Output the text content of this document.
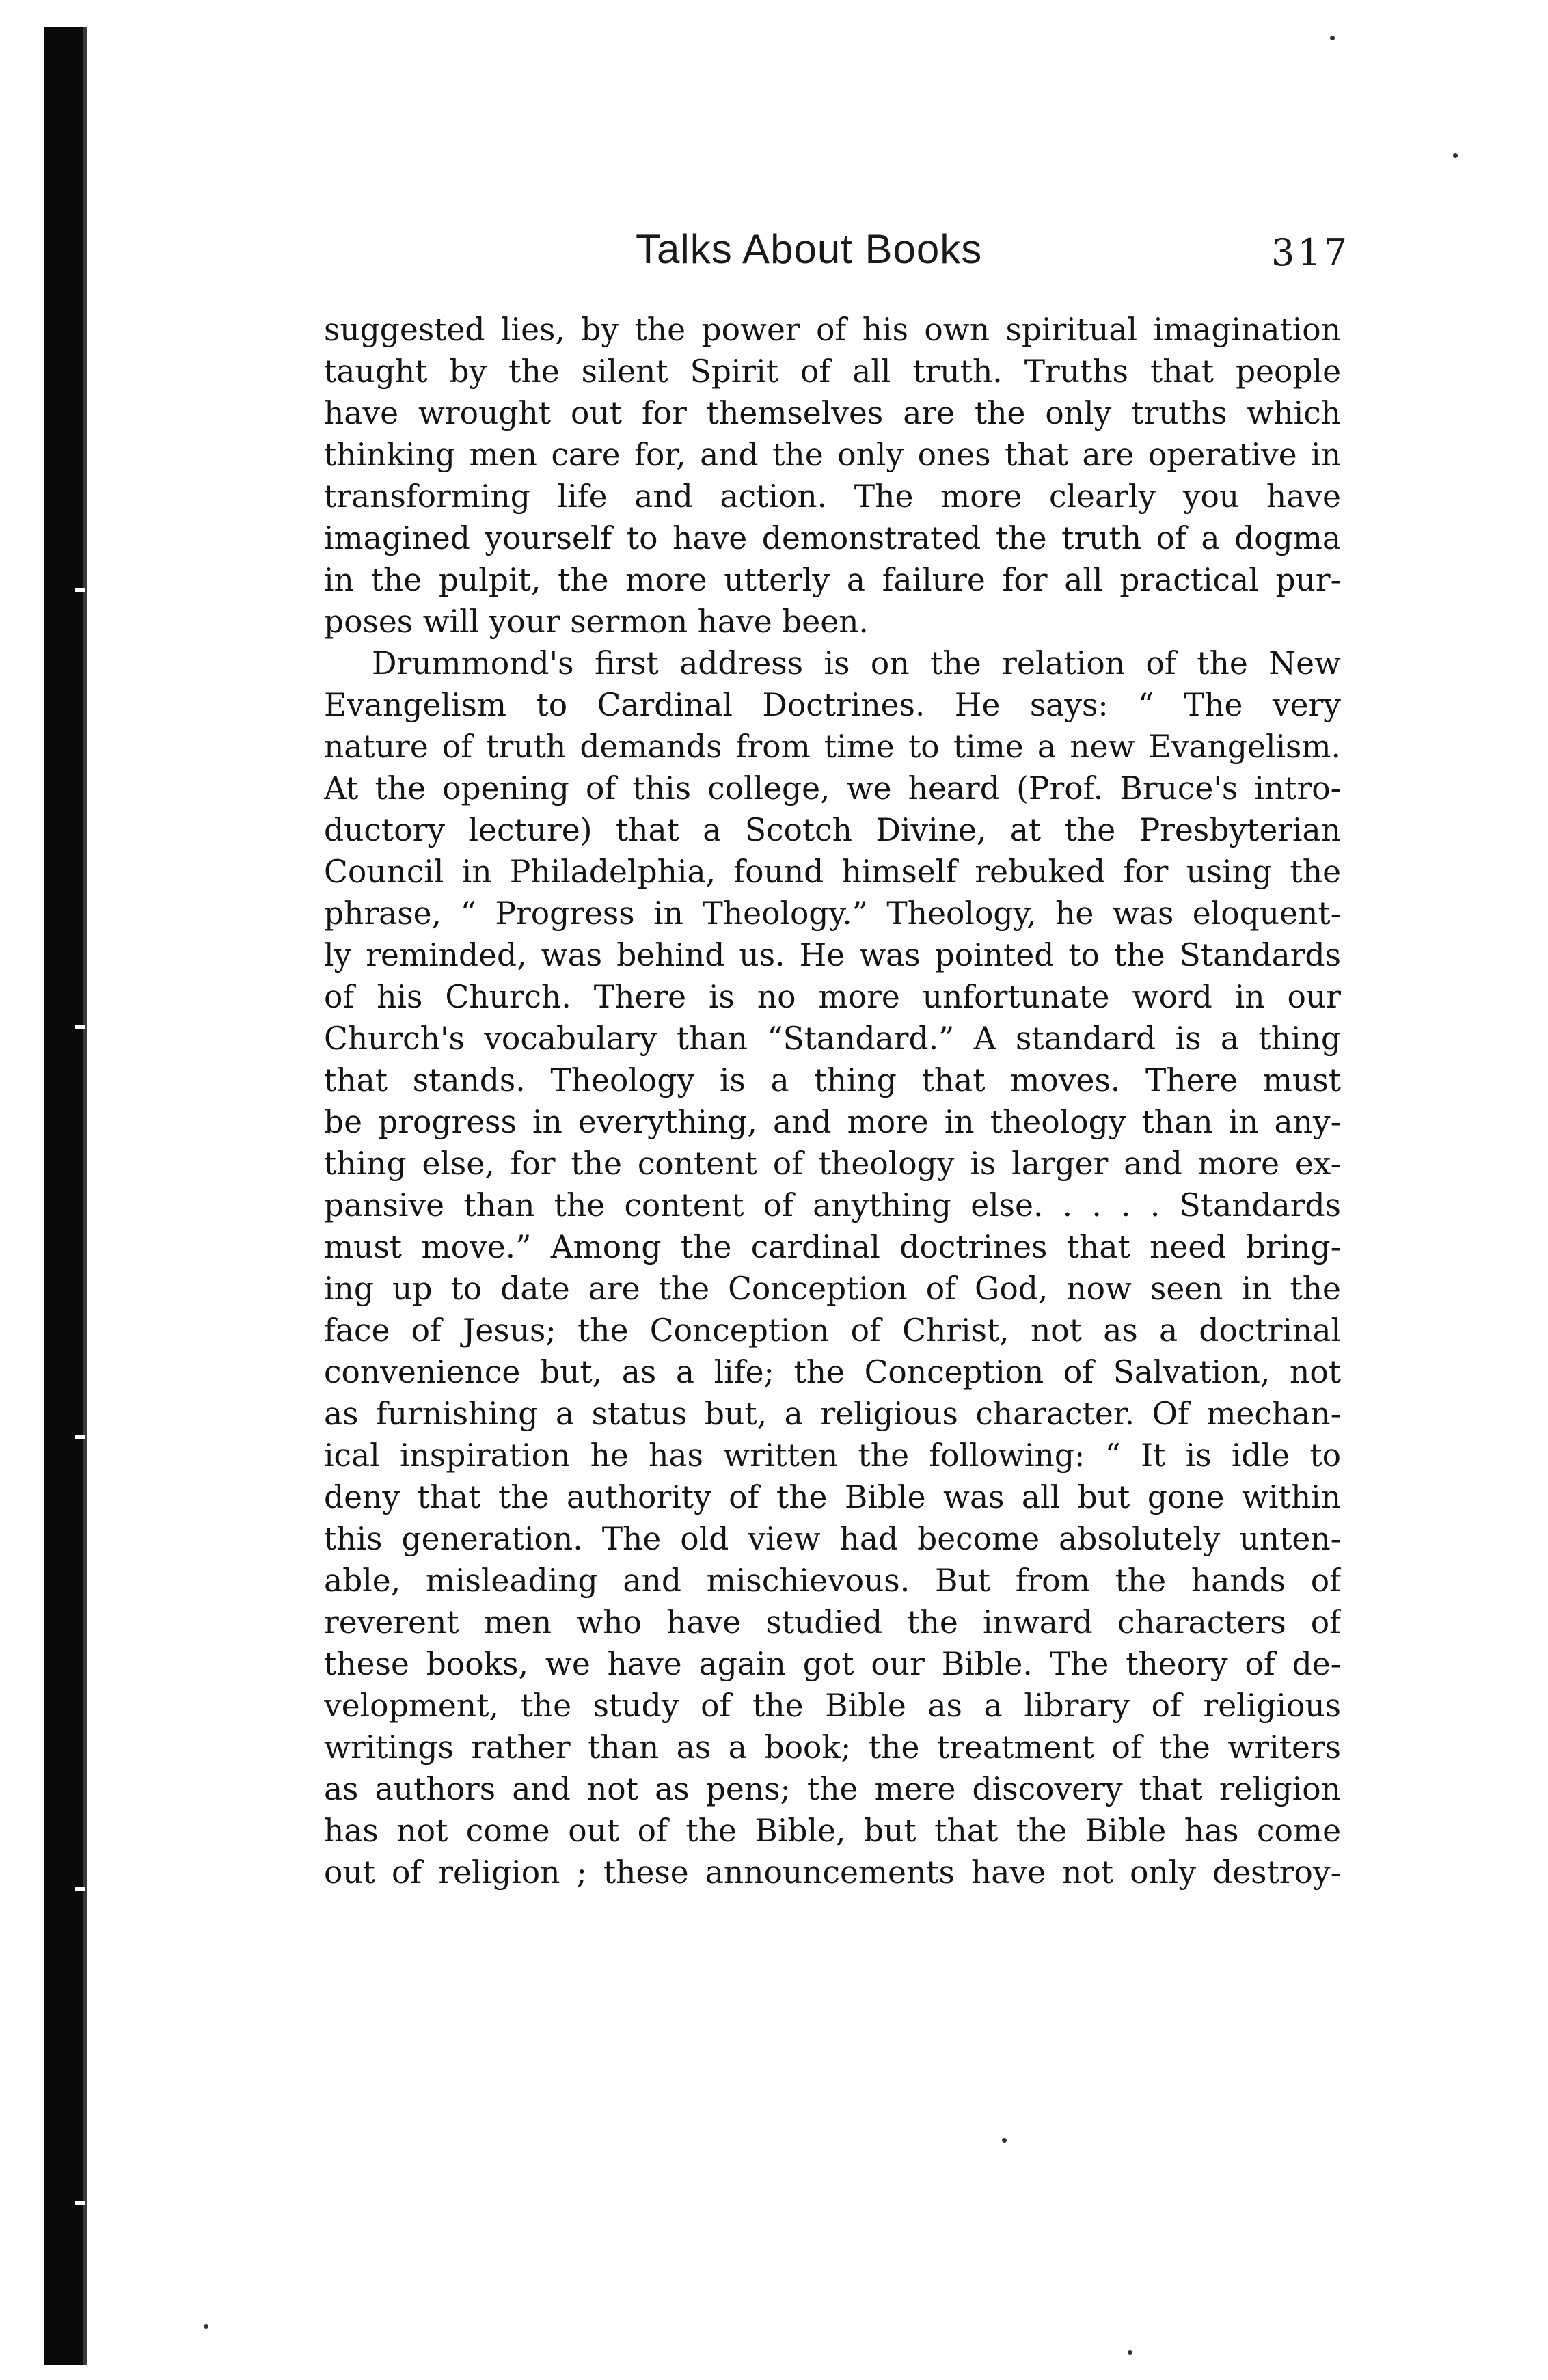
Talks About Books	317
suggested lies, by the power of his own spiritual imagination
taught by the silent Spirit of all truth. Truths that people
have wrought out for themselves are the only truths which
thinking men care for, and the only ones that are operative in
transforming life and action. The more clearly you have
imagined yourself to have demonstrated the truth of a dogma
in the pulpit, the more utterly a failure for all practical pur-
poses will your sermon have been.
Drummond's first address is on the relation of the New
Evangelism to Cardinal Doctrines. He says: “ The very
nature of truth demands from time to time a new Evangelism.
At the opening of this college, we heard (Prof. Bruce's intro-
ductory lecture) that a Scotch Divine, at the Presbyterian
Council in Philadelphia, found himself rebuked for using the
phrase, “ Progress in Theology.” Theology, he was eloquent-
ly reminded, was behind us. He was pointed to the Standards
of his Church. There is no more unfortunate word in our
Church's vocabulary than “Standard.” A standard is a thing
that stands. Theology is a thing that moves. There must
be progress in everything, and more in theology than in any-
thing else, for the content of theology is larger and more ex-
pansive than the content of anything else. . . . . Standards
must move.” Among the cardinal doctrines that need bring-
ing up to date are the Conception of God, now seen in the
face of Jesus; the Conception of Christ, not as a doctrinal
convenience but, as a life; the Conception of Salvation, not
as furnishing a status but, a religious character. Of mechan-
ical inspiration he has written the following: “ It is idle to
deny that the authority of the Bible was all but gone within
this generation. The old view had become absolutely unten-
able, misleading and mischievous. But from the hands of
reverent men who have studied the inward characters of
these books, we have again got our Bible. The theory of de-
velopment, the study of the Bible as a library of religious
writings rather than as a book; the treatment of the writers
as authors and not as pens; the mere discovery that religion
has not come out of the Bible, but that the Bible has come
out of religion ; these announcements have not only destroy-
